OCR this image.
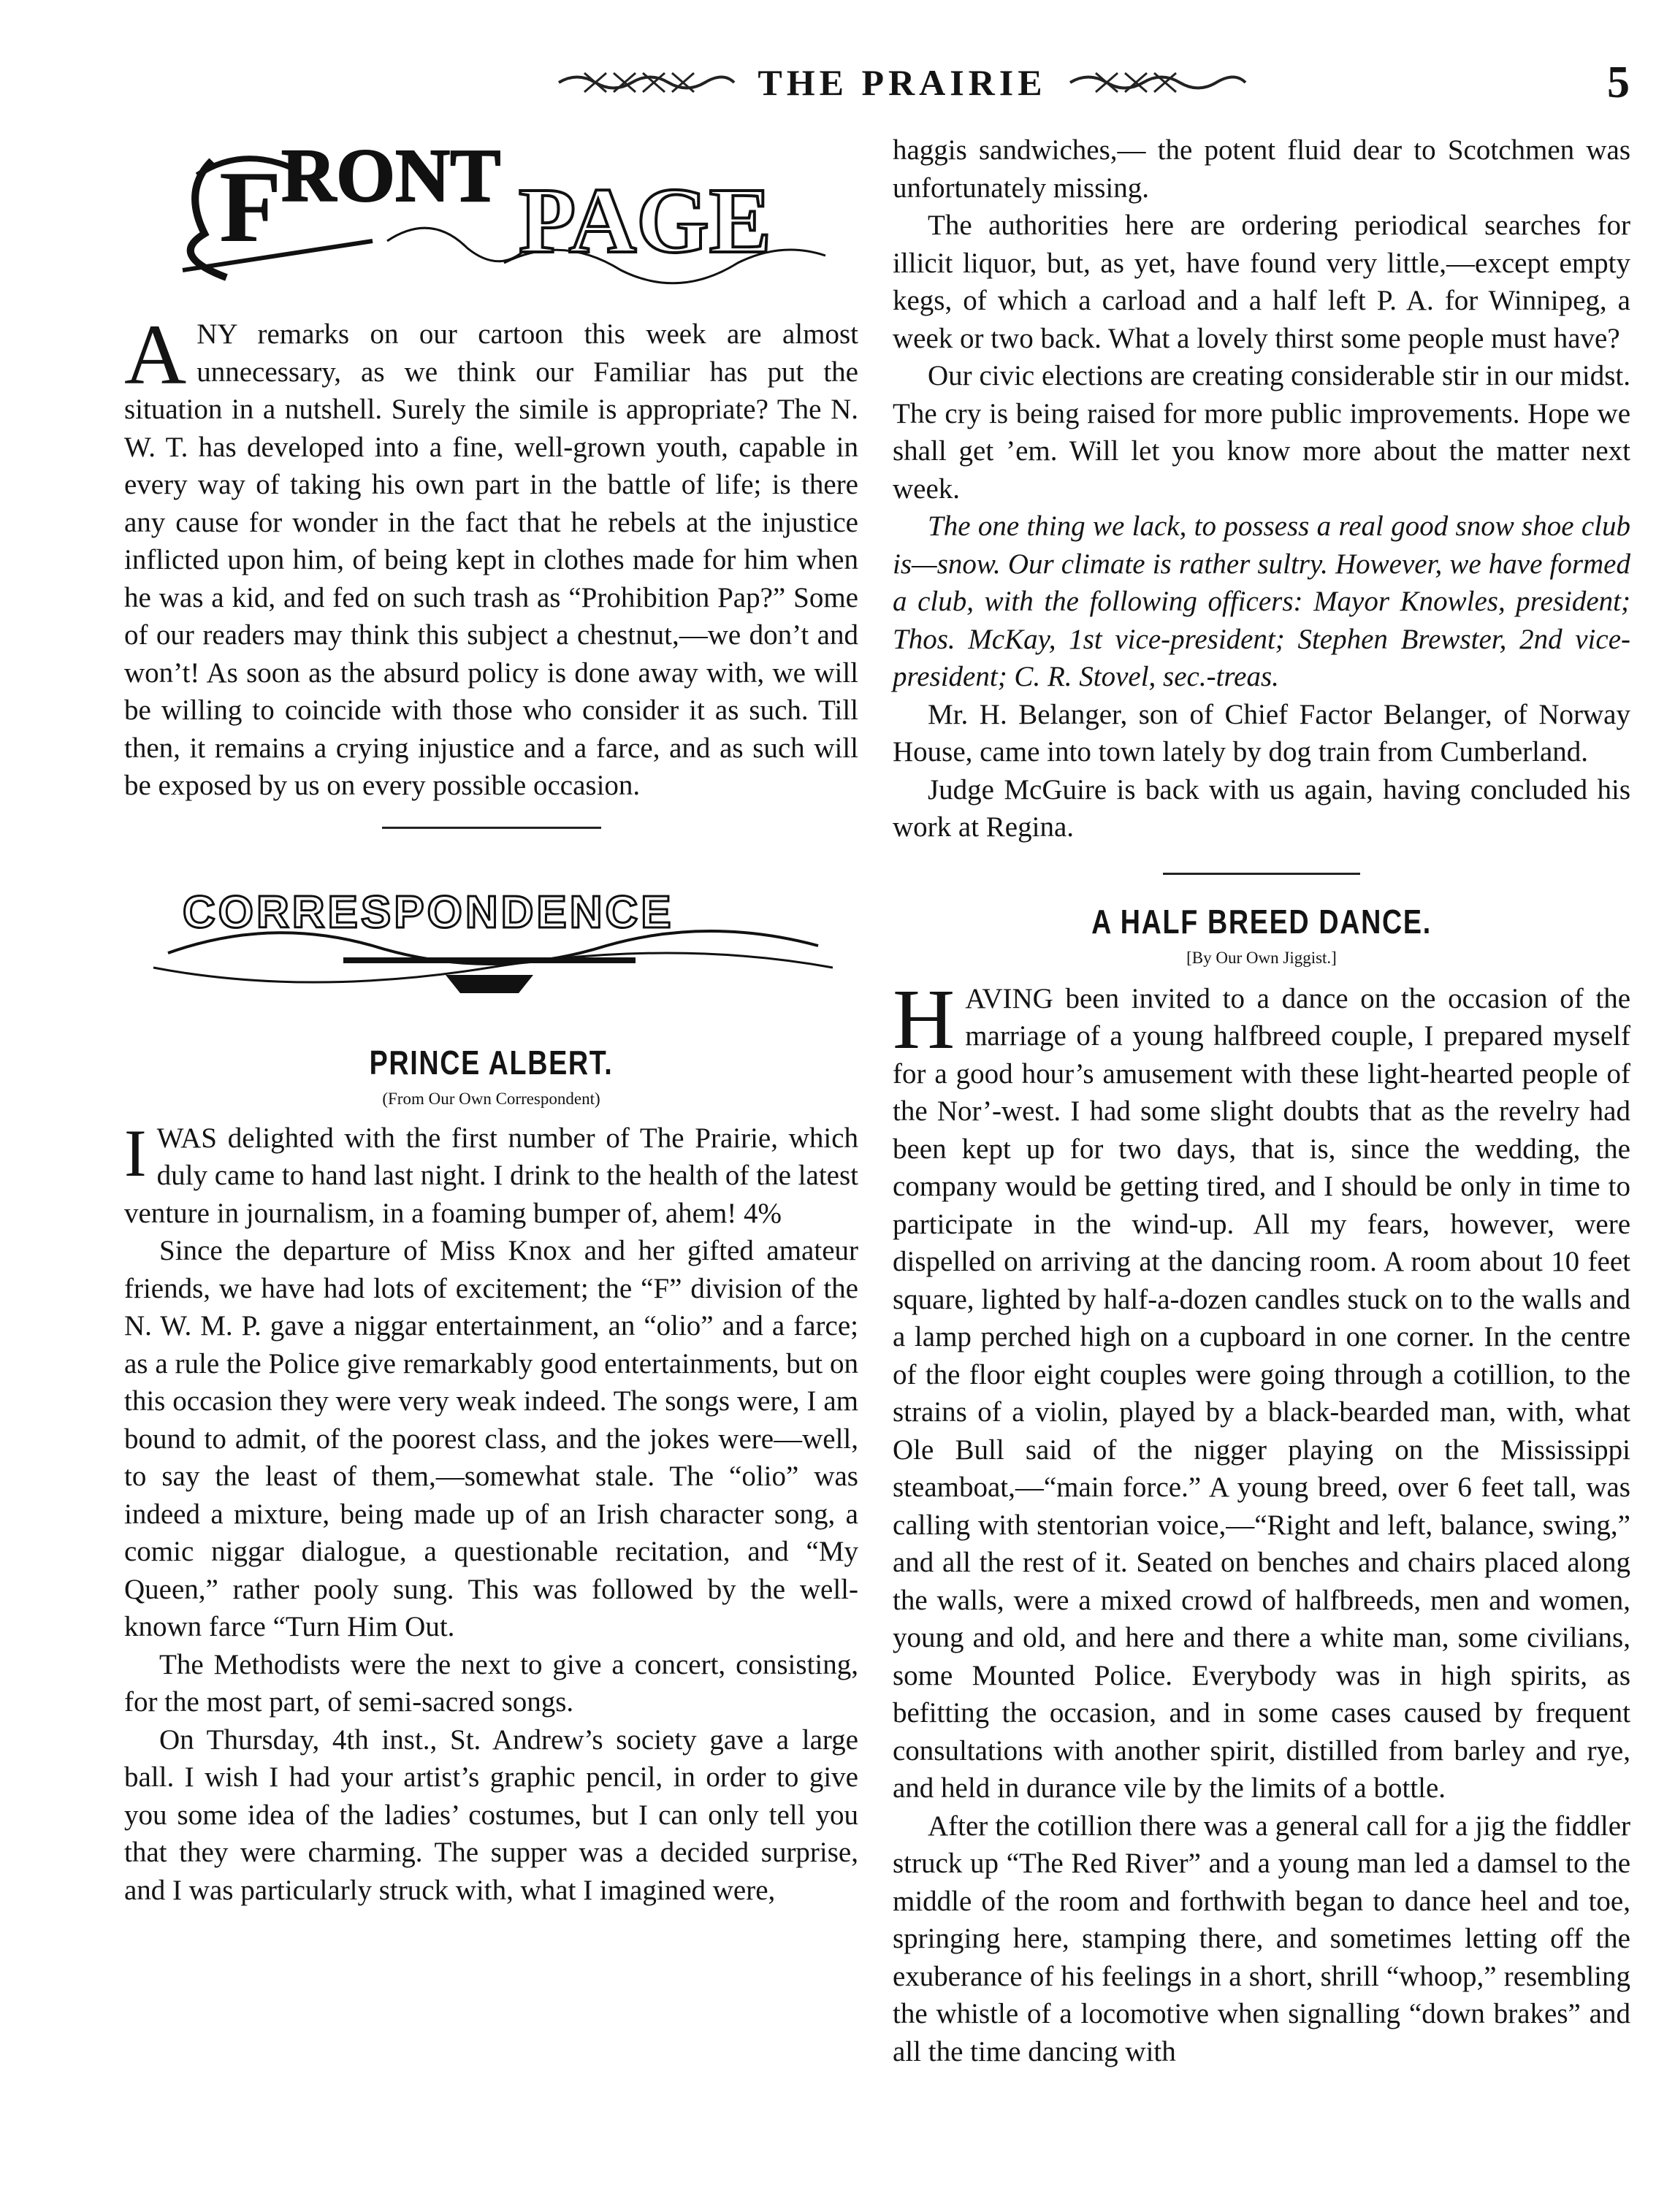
THE PRAIRIE	5
RONT PAGE
F

ANY remarks on our cartoon this week are almost unnecessary, as we think our Familiar has put the situation in a nutshell. Surely the simile is appropriate? The N. W. T. has developed into a fine, well-grown youth, capable in every way of taking his own part in the battle of life; is there any cause for wonder in the fact that he rebels at the injustice inflicted upon him, of being kept in clothes made for him when he was a kid, and fed on such trash as “Prohibition Pap?” Some of our readers may think this subject a chestnut,—we don’t and won’t! As soon as the absurd policy is done away with, we will be willing to coincide with those who consider it as such. Till then, it remains a crying injustice and a farce, and as such will be exposed by us on every possible occasion.

CORRESPONDENCE

PRINCE ALBERT.

(From Our Own Correspondent)

IWAS delighted with the first number of The Prairie, which duly came to hand last night. I drink to the health of the latest venture in journalism, in a foaming bumper of, ahem! 4%

Since the departure of Miss Knox and her gifted amateur friends, we have had lots of excitement; the “F” division of the N. W. M. P. gave a niggar entertainment, an “olio” and a farce; as a rule the Police give remarkably good entertainments, but on this occasion they were very weak indeed. The songs were, I am bound to admit, of the poorest class, and the jokes were—well, to say the least of them,—somewhat stale. The “olio” was indeed a mixture, being made up of an Irish character song, a comic niggar dialogue, a questionable recitation, and “My Queen,” rather pooly sung. This was followed by the well-known farce “Turn Him Out.

The Methodists were the next to give a concert, consisting, for the most part, of semi-sacred songs.

On Thursday, 4th inst., St. Andrew’s society gave a large ball. I wish I had your artist’s graphic pencil, in order to give you some idea of the ladies’ costumes, but I can only tell you that they were charming. The supper was a decided surprise, and I was particularly struck with, what I imagined were,

haggis sandwiches,— the potent fluid dear to Scotchmen was unfortunately missing.

The authorities here are ordering periodical searches for illicit liquor, but, as yet, have found very little,—except empty kegs, of which a carload and a half left P. A. for Winnipeg, a week or two back. What a lovely thirst some people must have?

Our civic elections are creating considerable stir in our midst. The cry is being raised for more public improvements. Hope we shall get ’em. Will let you know more about the matter next week.

The one thing we lack, to possess a real good snow shoe club is—snow. Our climate is rather sultry. However, we have formed a club, with the following officers: Mayor Knowles, president; Thos. McKay, 1st vice-president; Stephen Brewster, 2nd vice-president; C. R. Stovel, sec.-treas.

Mr. H. Belanger, son of Chief Factor Belanger, of Norway House, came into town lately by dog train from Cumberland.

Judge McGuire is back with us again, having concluded his work at Regina.

A HALF BREED DANCE.

[By Our Own Jiggist.]

HAVING been invited to a dance on the occasion of the marriage of a young halfbreed couple, I prepared myself for a good hour’s amusement with these light-hearted people of the Nor’-west. I had some slight doubts that as the revelry had been kept up for two days, that is, since the wedding, the company would be getting tired, and I should be only in time to participate in the wind-up. All my fears, however, were dispelled on arriving at the dancing room. A room about 10 feet square, lighted by half-a-dozen candles stuck on to the walls and a lamp perched high on a cupboard in one corner. In the centre of the floor eight couples were going through a cotillion, to the strains of a violin, played by a black-bearded man, with, what Ole Bull said of the nigger playing on the Mississippi steamboat,—“main force.” A young breed, over 6 feet tall, was calling with stentorian voice,—“Right and left, balance, swing,” and all the rest of it. Seated on benches and chairs placed along the walls, were a mixed crowd of halfbreeds, men and women, young and old, and here and there a white man, some civilians, some Mounted Police. Everybody was in high spirits, as befitting the occasion, and in some cases caused by frequent consultations with another spirit, distilled from barley and rye, and held in durance vile by the limits of a bottle.

After the cotillion there was a general call for a jig the fiddler struck up “The Red River” and a young man led a damsel to the middle of the room and forthwith began to dance heel and toe, springing here, stamping there, and sometimes letting off the exuberance of his feelings in a short, shrill “whoop,” resembling the whistle of a locomotive when signalling “down brakes” and all the time dancing with
